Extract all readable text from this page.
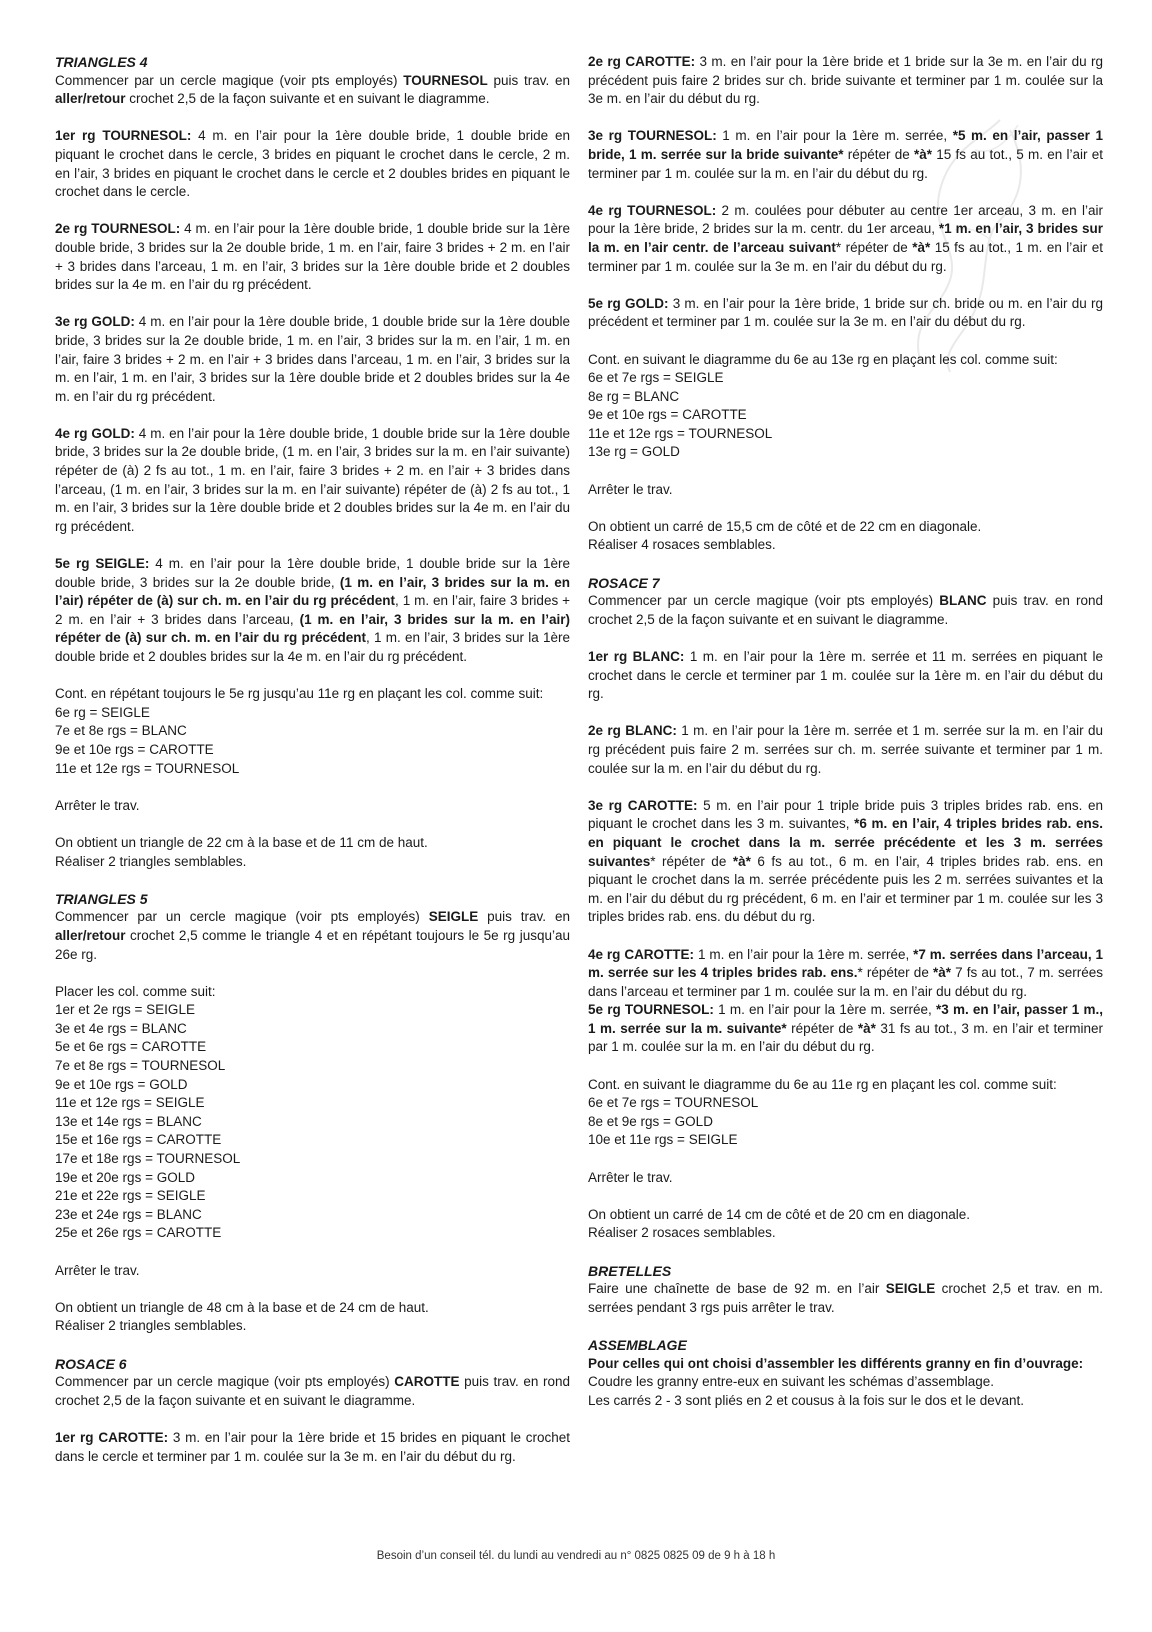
TRIANGLES 4

Commencer par un cercle magique (voir pts employés) TOURNESOL puis trav. en aller/retour crochet 2,5 de la façon suivante et en suivant le diagramme.

1er rg TOURNESOL: 4 m. en l’air pour la 1ère double bride, 1 double bride en piquant le crochet dans le cercle, 3 brides en piquant le crochet dans le cercle, 2 m. en l’air, 3 brides en piquant le crochet dans le cercle et 2 doubles brides en piquant le crochet dans le cercle.

2e rg TOURNESOL: 4 m. en l’air pour la 1ère double bride, 1 double bride sur la 1ère double bride, 3 brides sur la 2e double bride, 1 m. en l’air, faire 3 brides + 2 m. en l’air + 3 brides dans l’arceau, 1 m. en l’air, 3 brides sur la 1ère double bride et 2 doubles brides sur la 4e m. en l’air du rg précédent.

3e rg GOLD: 4 m. en l’air pour la 1ère double bride, 1 double bride sur la 1ère double bride, 3 brides sur la 2e double bride, 1 m. en l’air, 3 brides sur la m. en l’air, 1 m. en l’air, faire 3 brides + 2 m. en l’air + 3 brides dans l’arceau, 1 m. en l’air, 3 brides sur la m. en l’air, 1 m. en l’air, 3 brides sur la 1ère double bride et 2 doubles brides sur la 4e m. en l’air du rg précédent.

4e rg GOLD: 4 m. en l’air pour la 1ère double bride, 1 double bride sur la 1ère double bride, 3 brides sur la 2e double bride, (1 m. en l’air, 3 brides sur la m. en l’air suivante) répéter de (à) 2 fs au tot., 1 m. en l’air, faire 3 brides + 2 m. en l’air + 3 brides dans l’arceau, (1 m. en l’air, 3 brides sur la m. en l’air suivante) répéter de (à) 2 fs au tot., 1 m. en l’air, 3 brides sur la 1ère double bride et 2 doubles brides sur la 4e m. en l’air du rg précédent.

5e rg SEIGLE: 4 m. en l’air pour la 1ère double bride, 1 double bride sur la 1ère double bride, 3 brides sur la 2e double bride, (1 m. en l’air, 3 brides sur la m. en l’air) répéter de (à) sur ch. m. en l’air du rg précédent, 1 m. en l’air, faire 3 brides + 2 m. en l’air + 3 brides dans l’arceau, (1 m. en l’air, 3 brides sur la m. en l’air) répéter de (à) sur ch. m. en l’air du rg précédent, 1 m. en l’air, 3 brides sur la 1ère double bride et 2 doubles brides sur la 4e m. en l’air du rg précédent.

Cont. en répétant toujours le 5e rg jusqu’au 11e rg en plaçant les col. comme suit:
6e rg = SEIGLE
7e et 8e rgs = BLANC
9e et 10e rgs = CAROTTE
11e et 12e rgs = TOURNESOL

Arrêter le trav.

On obtient un triangle de 22 cm à la base et de 11 cm de haut.
Réaliser 2 triangles semblables.

TRIANGLES 5

Commencer par un cercle magique (voir pts employés) SEIGLE puis trav. en aller/retour crochet 2,5 comme le triangle 4 et en répétant toujours le 5e rg jusqu’au 26e rg.

Placer les col. comme suit:
1er et 2e rgs = SEIGLE
3e et 4e rgs = BLANC
5e et 6e rgs = CAROTTE
7e et 8e rgs = TOURNESOL
9e et 10e rgs = GOLD
11e et 12e rgs = SEIGLE
13e et 14e rgs = BLANC
15e et 16e rgs = CAROTTE
17e et 18e rgs = TOURNESOL
19e et 20e rgs = GOLD
21e et 22e rgs = SEIGLE
23e et 24e rgs = BLANC
25e et 26e rgs = CAROTTE

Arrêter le trav.

On obtient un triangle de 48 cm à la base et de 24 cm de haut.
Réaliser 2 triangles semblables.

ROSACE 6

Commencer par un cercle magique (voir pts employés) CAROTTE puis trav. en rond crochet 2,5 de la façon suivante et en suivant le diagramme.

1er rg CAROTTE: 3 m. en l’air pour la 1ère bride et 15 brides en piquant le crochet dans le cercle et terminer par 1 m. coulée sur la 3e m. en l’air du début du rg.

2e rg CAROTTE: 3 m. en l’air pour la 1ère bride et 1 bride sur la 3e m. en l’air du rg précédent puis faire 2 brides sur ch. bride suivante et terminer par 1 m. coulée sur la 3e m. en l’air du début du rg.

3e rg TOURNESOL: 1 m. en l’air pour la 1ère m. serrée, *5 m. en l’air, passer 1 bride, 1 m. serrée sur la bride suivante* répéter de *à* 15 fs au tot., 5 m. en l’air et terminer par 1 m. coulée sur la m. en l’air du début du rg.

4e rg TOURNESOL: 2 m. coulées pour débuter au centre 1er arceau, 3 m. en l’air pour la 1ère bride, 2 brides sur la m. centr. du 1er arceau, *1 m. en l’air, 3 brides sur la m. en l’air centr. de l’arceau suivant* répéter de *à* 15 fs au tot., 1 m. en l’air et terminer par 1 m. coulée sur la 3e m. en l’air du début du rg.

5e rg GOLD: 3 m. en l’air pour la 1ère bride, 1 bride sur ch. bride ou m. en l’air du rg précédent et terminer par 1 m. coulée sur la 3e m. en l’air du début du rg.

Cont. en suivant le diagramme du 6e au 13e rg en plaçant les col. comme suit:
6e et 7e rgs = SEIGLE
8e rg = BLANC
9e et 10e rgs = CAROTTE
11e et 12e rgs = TOURNESOL
13e rg = GOLD

Arrêter le trav.

On obtient un carré de 15,5 cm de côté et de 22 cm en diagonale.
Réaliser 4 rosaces semblables.

ROSACE 7

Commencer par un cercle magique (voir pts employés) BLANC puis trav. en rond crochet 2,5 de la façon suivante et en suivant le diagramme.

1er rg BLANC: 1 m. en l’air pour la 1ère m. serrée et 11 m. serrées en piquant le crochet dans le cercle et terminer par 1 m. coulée sur la 1ère m. en l’air du début du rg.

2e rg BLANC: 1 m. en l’air pour la 1ère m. serrée et 1 m. serrée sur la m. en l’air du rg précédent puis faire 2 m. serrées sur ch. m. serrée suivante et terminer par 1 m. coulée sur la m. en l’air du début du rg.

3e rg CAROTTE: 5 m. en l’air pour 1 triple bride puis 3 triples brides rab. ens. en piquant le crochet dans les 3 m. suivantes, *6 m. en l’air, 4 triples brides rab. ens. en piquant le crochet dans la m. serrée précédente et les 3 m. serrées suivantes* répéter de *à* 6 fs au tot., 6 m. en l’air, 4 triples brides rab. ens. en piquant le crochet dans la m. serrée précédente puis les 2 m. serrées suivantes et la m. en l’air du début du rg précédent, 6 m. en l’air et terminer par 1 m. coulée sur les 3 triples brides rab. ens. du début du rg.

4e rg CAROTTE: 1 m. en l’air pour la 1ère m. serrée, *7 m. serrées dans l’arceau, 1 m. serrée sur les 4 triples brides rab. ens.* répéter de *à* 7 fs au tot., 7 m. serrées dans l’arceau et terminer par 1 m. coulée sur la m. en l’air du début du rg.

5e rg TOURNESOL: 1 m. en l’air pour la 1ère m. serrée, *3 m. en l’air, passer 1 m., 1 m. serrée sur la m. suivante* répéter de *à* 31 fs au tot., 3 m. en l’air et terminer par 1 m. coulée sur la m. en l’air du début du rg.

Cont. en suivant le diagramme du 6e au 11e rg en plaçant les col. comme suit:
6e et 7e rgs = TOURNESOL
8e et 9e rgs = GOLD
10e et 11e rgs = SEIGLE

Arrêter le trav.

On obtient un carré de 14 cm de côté et de 20 cm en diagonale.
Réaliser 2 rosaces semblables.

BRETELLES

Faire une chaînette de base de 92 m. en l’air SEIGLE crochet 2,5 et trav. en m. serrées pendant 3 rgs puis arrêter le trav.

ASSEMBLAGE

Pour celles qui ont choisi d’assembler les différents granny en fin d’ouvrage:
Coudre les granny entre-eux en suivant les schémas d’assemblage.
Les carrés 2 - 3 sont pliés en 2 et cousus à la fois sur le dos et le devant.

Besoin d’un conseil tél. du lundi au vendredi au n° 0825 0825 09 de 9 h à 18 h
